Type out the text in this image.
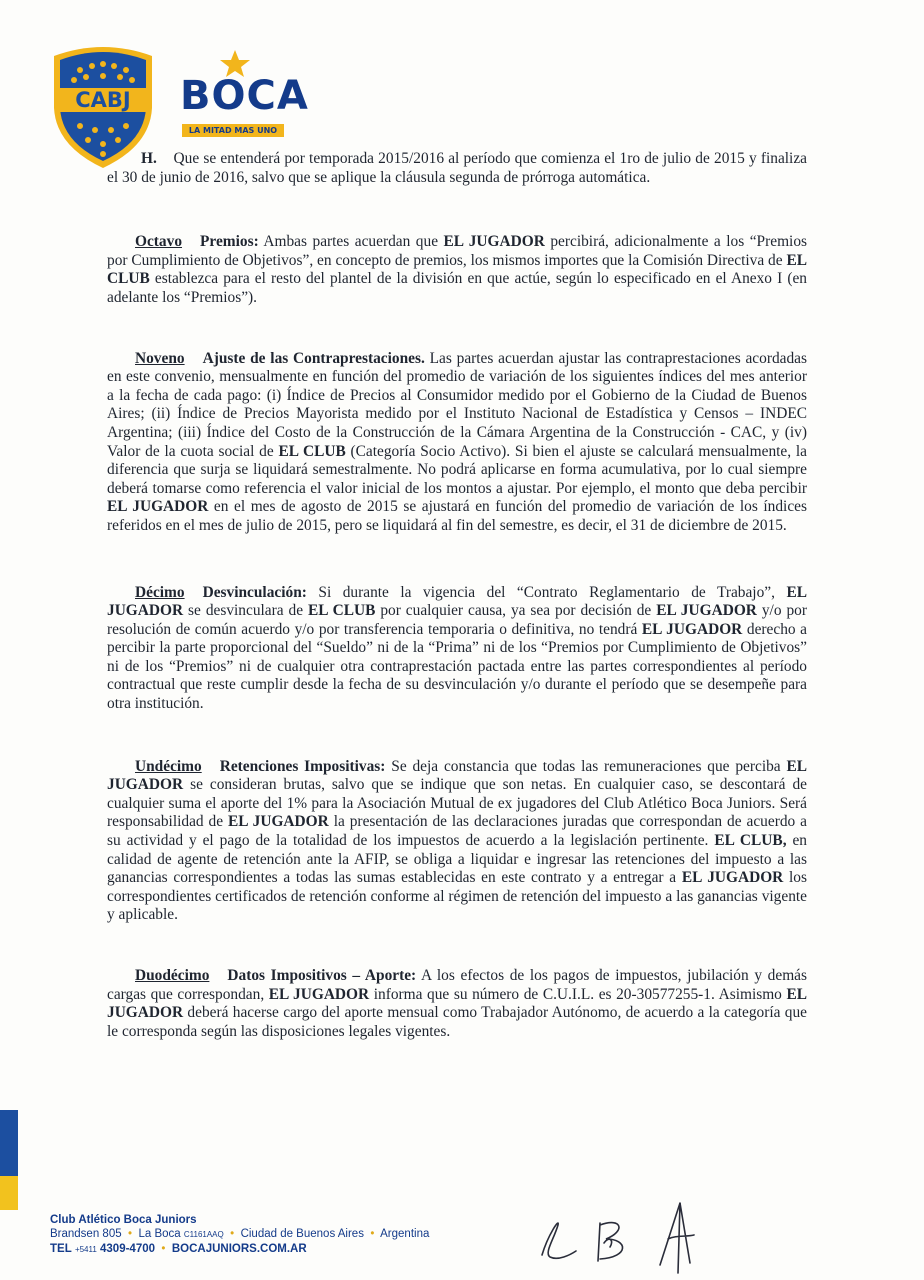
CABJ BOCA
LA MITAD MAS UNO

H. Que se entenderá por temporada 2015/2016 al período que comienza el 1ro de julio de 2015 y finaliza el 30 de junio de 2016, salvo que se aplique la cláusula segunda de prórroga automática.

Octavo Premios: Ambas partes acuerdan que EL JUGADOR percibirá, adicionalmente a los “Premios por Cumplimiento de Objetivos”, en concepto de premios, los mismos importes que la Comisión Directiva de EL CLUB establezca para el resto del plantel de la división en que actúe, según lo especificado en el Anexo I (en adelante los “Premios”).

Noveno Ajuste de las Contraprestaciones. Las partes acuerdan ajustar las contraprestaciones acordadas en este convenio, mensualmente en función del promedio de variación de los siguientes índices del mes anterior a la fecha de cada pago: (i) Índice de Precios al Consumidor medido por el Gobierno de la Ciudad de Buenos Aires; (ii) Índice de Precios Mayorista medido por el Instituto Nacional de Estadística y Censos – INDEC Argentina; (iii) Índice del Costo de la Construcción de la Cámara Argentina de la Construcción - CAC, y (iv) Valor de la cuota social de EL CLUB (Categoría Socio Activo). Si bien el ajuste se calculará mensualmente, la diferencia que surja se liquidará semestralmente. No podrá aplicarse en forma acumulativa, por lo cual siempre deberá tomarse como referencia el valor inicial de los montos a ajustar. Por ejemplo, el monto que deba percibir EL JUGADOR en el mes de agosto de 2015 se ajustará en función del promedio de variación de los índices referidos en el mes de julio de 2015, pero se liquidará al fin del semestre, es decir, el 31 de diciembre de 2015.

Décimo Desvinculación: Si durante la vigencia del “Contrato Reglamentario de Trabajo”, EL JUGADOR se desvinculara de EL CLUB por cualquier causa, ya sea por decisión de EL JUGADOR y/o por resolución de común acuerdo y/o por transferencia temporaria o definitiva, no tendrá EL JUGADOR derecho a percibir la parte proporcional del “Sueldo” ni de la “Prima” ni de los “Premios por Cumplimiento de Objetivos” ni de los “Premios” ni de cualquier otra contraprestación pactada entre las partes correspondientes al período contractual que reste cumplir desde la fecha de su desvinculación y/o durante el período que se desempeñe para otra institución.

Undécimo Retenciones Impositivas: Se deja constancia que todas las remuneraciones que perciba EL JUGADOR se consideran brutas, salvo que se indique que son netas. En cualquier caso, se descontará de cualquier suma el aporte del 1% para la Asociación Mutual de ex jugadores del Club Atlético Boca Juniors. Será responsabilidad de EL JUGADOR la presentación de las declaraciones juradas que correspondan de acuerdo a su actividad y el pago de la totalidad de los impuestos de acuerdo a la legislación pertinente. EL CLUB, en calidad de agente de retención ante la AFIP, se obliga a liquidar e ingresar las retenciones del impuesto a las ganancias correspondientes a todas las sumas establecidas en este contrato y a entregar a EL JUGADOR los correspondientes certificados de retención conforme al régimen de retención del impuesto a las ganancias vigente y aplicable.

Duodécimo Datos Impositivos – Aporte: A los efectos de los pagos de impuestos, jubilación y demás cargas que correspondan, EL JUGADOR informa que su número de C.U.I.L. es 20-30577255-1. Asimismo EL JUGADOR deberá hacerse cargo del aporte mensual como Trabajador Autónomo, de acuerdo a la categoría que le corresponda según las disposiciones legales vigentes.

Club Atlético Boca Juniors
Brandsen 805  •  La Boca C1161AAQ  •  Ciudad de Buenos Aires  •  Argentina
TEL +5411 4309-4700  •  BOCAJUNIORS.COM.AR
